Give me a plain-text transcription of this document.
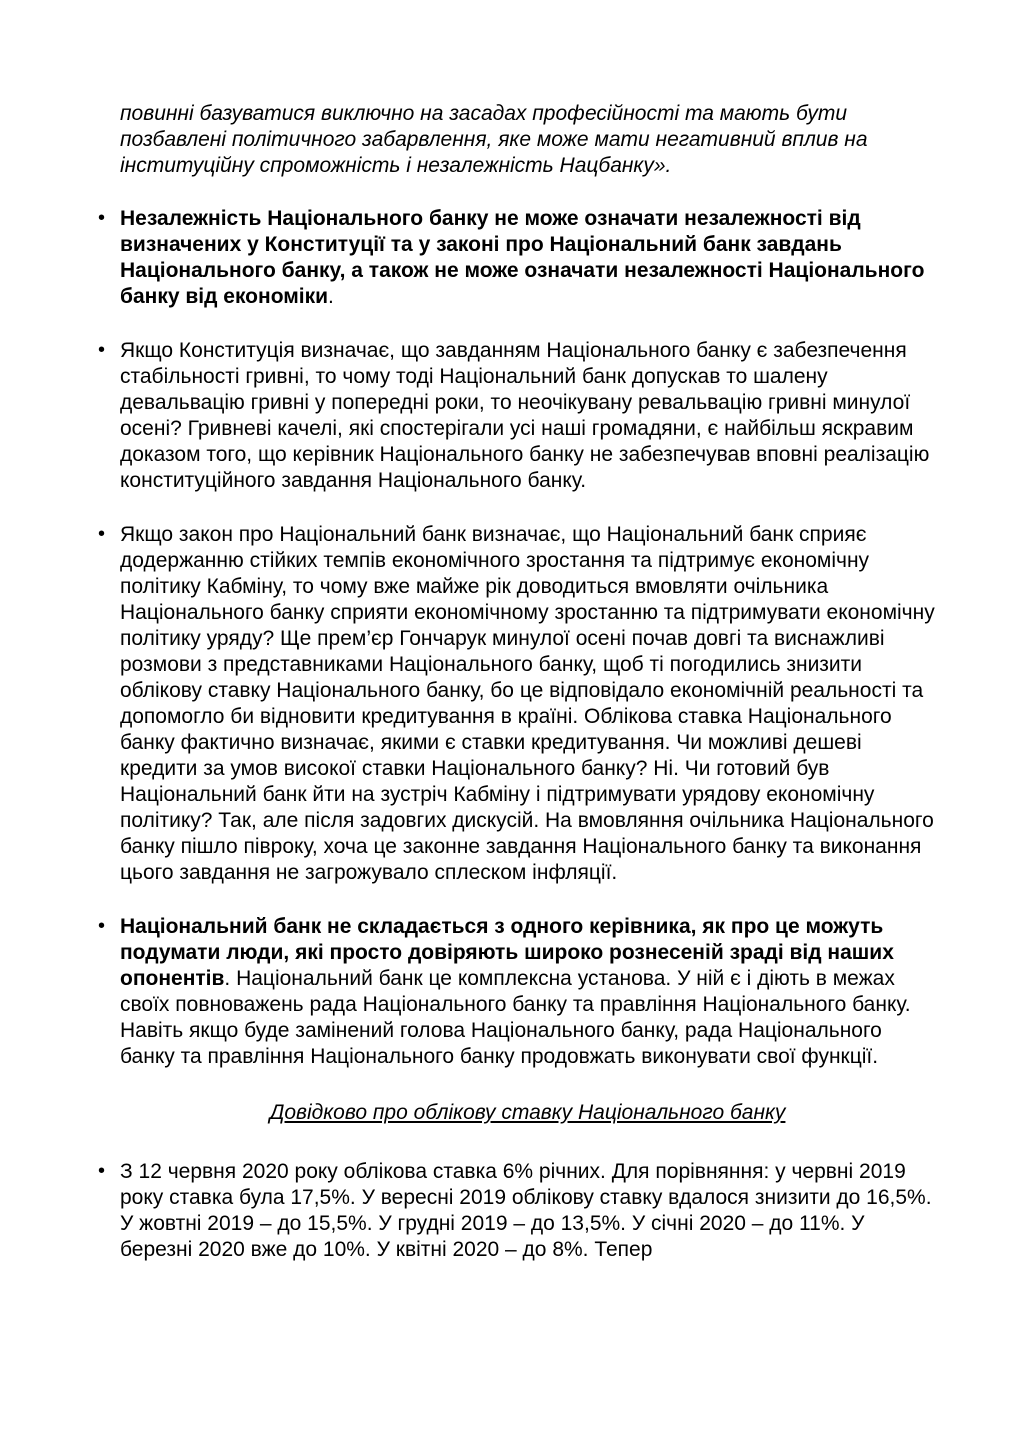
повинні базуватися виключно на засадах професійності та мають бути позбавлені політичного забарвлення, яке може мати негативний вплив на інституційну спроможність і незалежність Нацбанку».

• Незалежність Національного банку не може означати незалежності від визначених у Конституції та у законі про Національний банк завдань Національного банку, а також не може означати незалежності Національного банку від економіки.
• Якщо Конституція визначає, що завданням Національного банку є забезпечення стабільності гривні, то чому тоді Національний банк допускав то шалену девальвацію гривні у попередні роки, то неочікувану ревальвацію гривні минулої осені? Гривневі качелі, які спостерігали усі наші громадяни, є найбільш яскравим доказом того, що керівник Національного банку не забезпечував вповні реалізацію конституційного завдання Національного банку.
• Якщо закон про Національний банк визначає, що Національний банк сприяє додержанню стійких темпів економічного зростання та підтримує економічну політику Кабміну, то чому вже майже рік доводиться вмовляти очільника Національного банку сприяти економічному зростанню та підтримувати економічну політику уряду? Ще прем’єр Гончарук минулої осені почав довгі та виснажливі розмови з представниками Національного банку, щоб ті погодились знизити облікову ставку Національного банку, бо це відповідало економічній реальності та допомогло би відновити кредитування в країні. Облікова ставка Національного банку фактично визначає, якими є ставки кредитування. Чи можливі дешеві кредити за умов високої ставки Національного банку? Ні. Чи готовий був Національний банк йти на зустріч Кабміну і підтримувати урядову економічну політику? Так, але після задовгих дискусій. На вмовляння очільника Національного банку пішло півроку, хоча це законне завдання Національного банку та виконання цього завдання не загрожувало сплеском інфляції.
• Національний банк не складається з одного керівника, як про це можуть подумати люди, які просто довіряють широко рознесеній зраді від наших опонентів. Національний банк це комплексна установа. У ній є і діють в межах своїх повноважень рада Національного банку та правління Національного банку. Навіть якщо буде замінений голова Національного банку, рада Національного банку та правління Національного банку продовжать виконувати свої функції.
Довідково про облікову ставку Національного банку
• З 12 червня 2020 року облікова ставка 6% річних. Для порівняння: у червні 2019 року ставка була 17,5%. У вересні 2019 облікову ставку вдалося знизити до 16,5%. У жовтні 2019 – до 15,5%. У грудні 2019 – до 13,5%. У січні 2020 – до 11%. У березні 2020 вже до 10%. У квітні 2020 – до 8%. Тепер
